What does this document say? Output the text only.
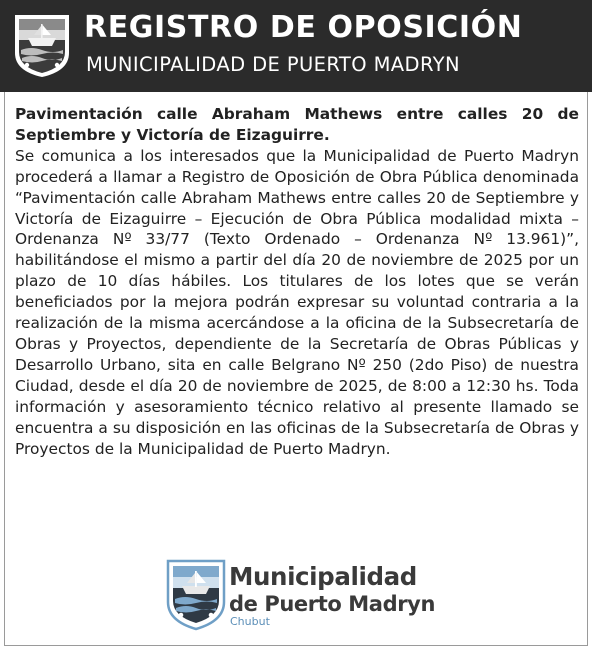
REGISTRO DE OPOSICIÓN
MUNICIPALIDAD DE PUERTO MADRYN
Pavimentación calle Abraham Mathews entre calles 20 de Septiembre y Victoría de Eizaguirre.
Se comunica a los interesados que la Municipalidad de Puerto Madryn procederá a llamar a Registro de Oposición de Obra Pública denominada “Pavimentación calle Abraham Mathews entre calles 20 de Septiembre y Victoría de Eizaguirre – Ejecución de Obra Pública modalidad mixta – Ordenanza Nº 33/77 (Texto Ordenado – Ordenanza Nº 13.961)”, habilitándose el mismo a partir del día 20 de noviembre de 2025 por un plazo de 10 días hábiles. Los titulares de los lotes que se verán beneficiados por la mejora podrán expresar su voluntad contraria a la realización de la misma acercándose a la oficina de la Subsecretaría de Obras y Proyectos, dependiente de la Secretaría de Obras Públicas y Desarrollo Urbano, sita en calle Belgrano Nº 250 (2do Piso) de nuestra Ciudad, desde el día 20 de noviembre de 2025, de 8:00 a 12:30 hs. Toda información y asesoramiento técnico relativo al presente llamado se encuentra a su disposición en las oficinas de la Subsecretaría de Obras y Proyectos de la Municipalidad de Puerto Madryn.
Municipalidad
de Puerto Madryn
Chubut
